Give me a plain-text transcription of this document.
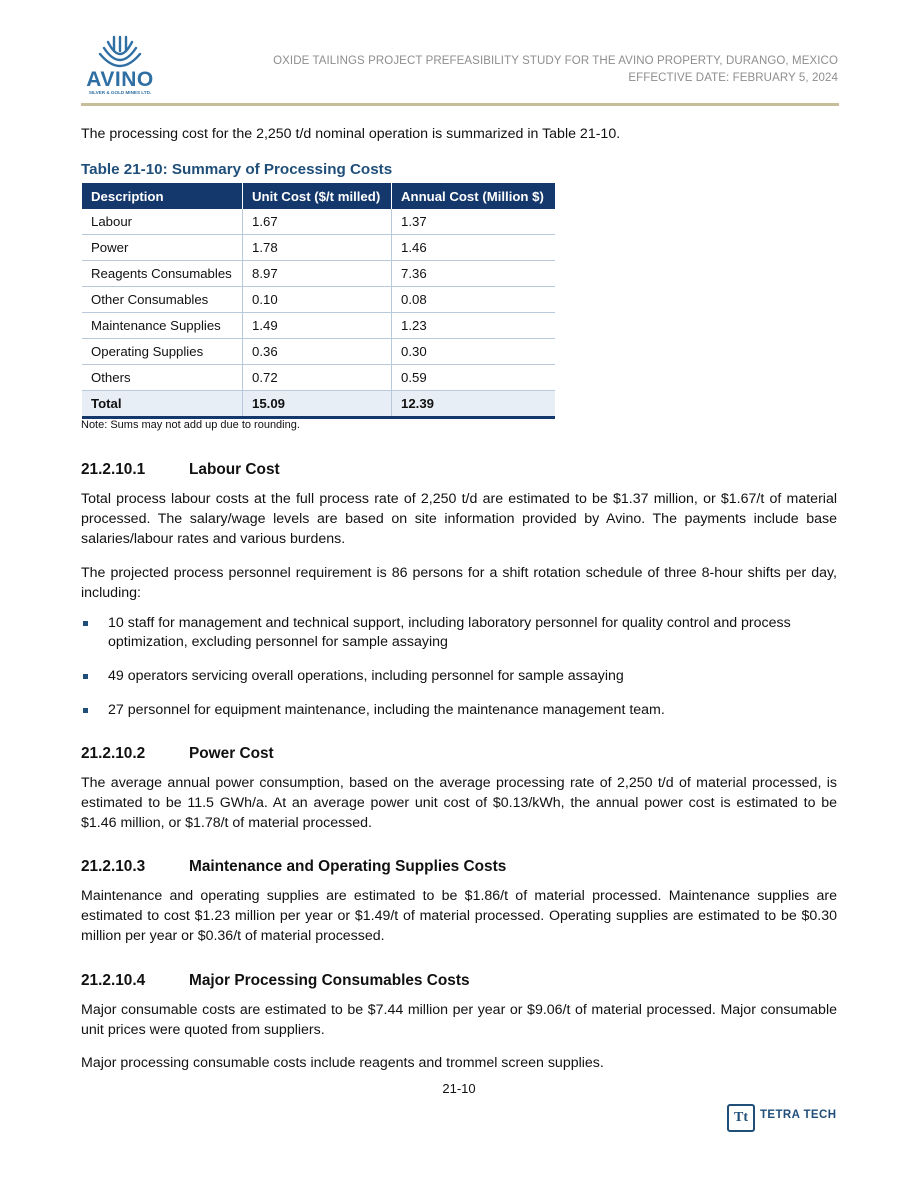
AVINO
SILVER & GOLD MINES LTD.
OXIDE TAILINGS PROJECT PREFEASIBILITY STUDY FOR THE AVINO PROPERTY, DURANGO, MEXICO
EFFECTIVE DATE: FEBRUARY 5, 2024
The processing cost for the 2,250 t/d nominal operation is summarized in Table 21-10.
Table 21-10: Summary of Processing Costs
Description	Unit Cost ($/t milled)	Annual Cost (Million $)
Labour	1.67	1.37
Power	1.78	1.46
Reagents Consumables	8.97	7.36
Other Consumables	0.10	0.08
Maintenance Supplies	1.49	1.23
Operating Supplies	0.36	0.30
Others	0.72	0.59
Total	15.09	12.39
Note: Sums may not add up due to rounding.
21.2.10.1	Labour Cost
Total process labour costs at the full process rate of 2,250 t/d are estimated to be $1.37 million, or $1.67/t of material processed. The salary/wage levels are based on site information provided by Avino. The payments include base salaries/labour rates and various burdens.
The projected process personnel requirement is 86 persons for a shift rotation schedule of three 8-hour shifts per day, including:
10 staff for management and technical support, including laboratory personnel for quality control and process optimization, excluding personnel for sample assaying
49 operators servicing overall operations, including personnel for sample assaying
27 personnel for equipment maintenance, including the maintenance management team.
21.2.10.2	Power Cost
The average annual power consumption, based on the average processing rate of 2,250 t/d of material processed, is estimated to be 11.5 GWh/a. At an average power unit cost of $0.13/kWh, the annual power cost is estimated to be $1.46 million, or $1.78/t of material processed.
21.2.10.3	Maintenance and Operating Supplies Costs
Maintenance and operating supplies are estimated to be $1.86/t of material processed. Maintenance supplies are estimated to cost $1.23 million per year or $1.49/t of material processed. Operating supplies are estimated to be $0.30 million per year or $0.36/t of material processed.
21.2.10.4	Major Processing Consumables Costs
Major consumable costs are estimated to be $7.44 million per year or $9.06/t of material processed. Major consumable unit prices were quoted from suppliers.
Major processing consumable costs include reagents and trommel screen supplies.
21-10
Tt	TETRA TECH
